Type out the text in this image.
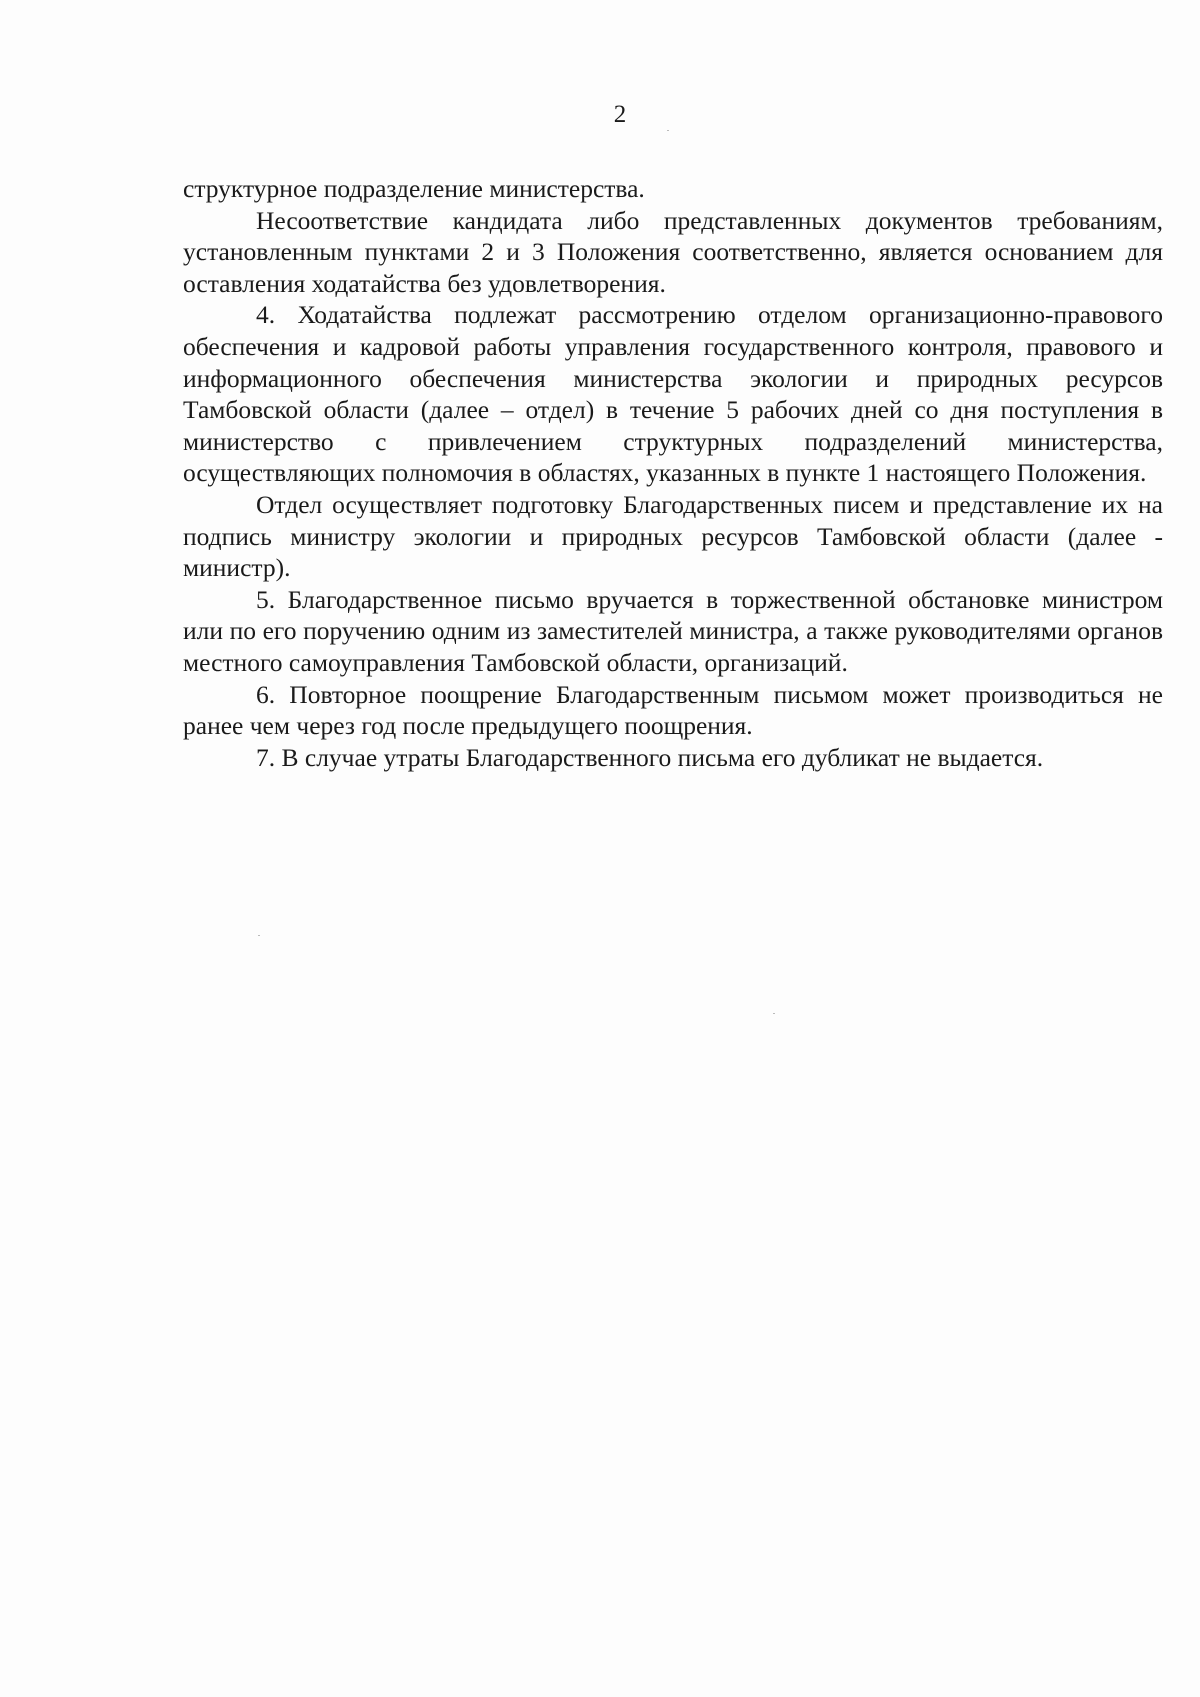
2

структурное подразделение министерства.

Несоответствие кандидата либо представленных документов требованиям, установленным пунктами 2 и 3 Положения соответственно, является основанием для оставления ходатайства без удовлетворения.

4. Ходатайства подлежат рассмотрению отделом организационно-правового обеспечения и кадровой работы управления государственного контроля, правового и информационного обеспечения министерства экологии и природных ресурсов Тамбовской области (далее – отдел) в течение 5 рабочих дней со дня поступления в министерство с привлечением структурных подразделений министерства, осуществляющих полномочия в областях, указанных в пункте 1 настоящего Положения.

Отдел осуществляет подготовку Благодарственных писем и представление их на подпись министру экологии и природных ресурсов Тамбовской области (далее - министр).

5. Благодарственное письмо вручается в торжественной обстановке министром или по его поручению одним из заместителей министра, а также руководителями органов местного самоуправления Тамбовской области, организаций.

6. Повторное поощрение Благодарственным письмом может производиться не ранее чем через год после предыдущего поощрения.

7. В случае утраты Благодарственного письма его дубликат не выдается.
